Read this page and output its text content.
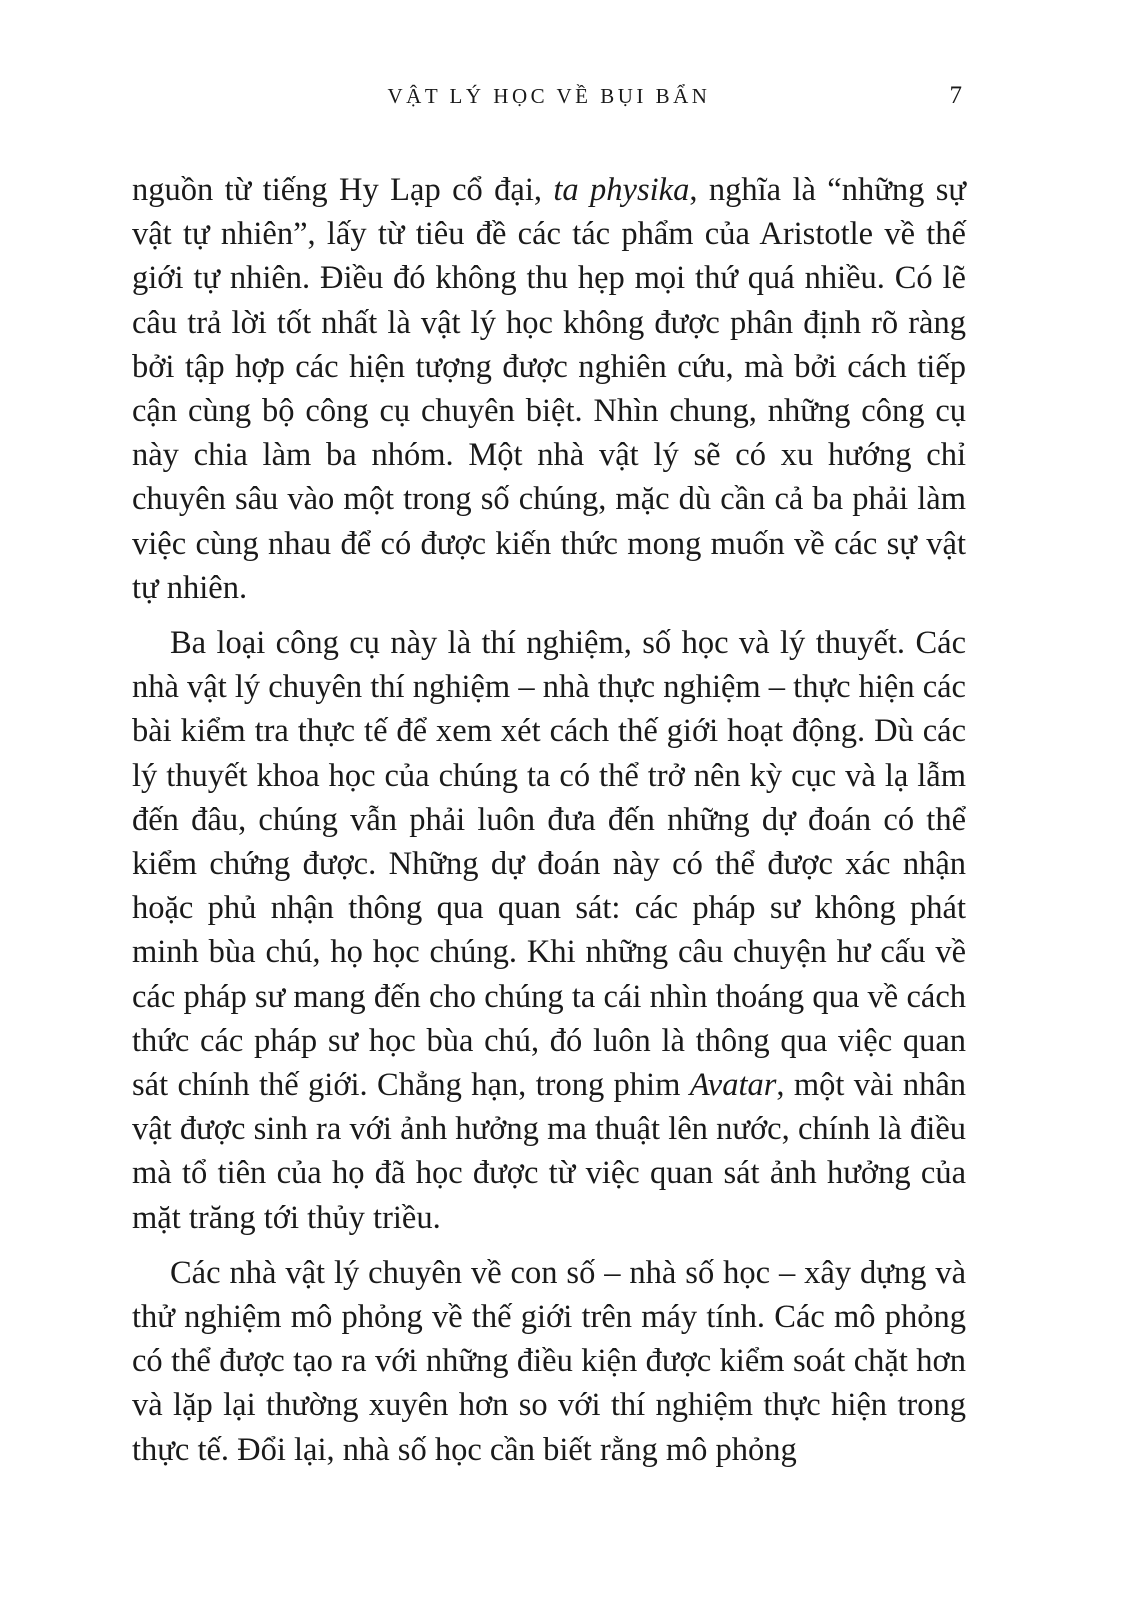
VẬT LÝ HỌC VỀ BỤI BẨN	7

nguồn từ tiếng Hy Lạp cổ đại, ta physika, nghĩa là “những sự vật tự nhiên”, lấy từ tiêu đề các tác phẩm của Aristotle về thế giới tự nhiên. Điều đó không thu hẹp mọi thứ quá nhiều. Có lẽ câu trả lời tốt nhất là vật lý học không được phân định rõ ràng bởi tập hợp các hiện tượng được nghiên cứu, mà bởi cách tiếp cận cùng bộ công cụ chuyên biệt. Nhìn chung, những công cụ này chia làm ba nhóm. Một nhà vật lý sẽ có xu hướng chỉ chuyên sâu vào một trong số chúng, mặc dù cần cả ba phải làm việc cùng nhau để có được kiến thức mong muốn về các sự vật tự nhiên.

Ba loại công cụ này là thí nghiệm, số học và lý thuyết. Các nhà vật lý chuyên thí nghiệm – nhà thực nghiệm – thực hiện các bài kiểm tra thực tế để xem xét cách thế giới hoạt động. Dù các lý thuyết khoa học của chúng ta có thể trở nên kỳ cục và lạ lẫm đến đâu, chúng vẫn phải luôn đưa đến những dự đoán có thể kiểm chứng được. Những dự đoán này có thể được xác nhận hoặc phủ nhận thông qua quan sát: các pháp sư không phát minh bùa chú, họ học chúng. Khi những câu chuyện hư cấu về các pháp sư mang đến cho chúng ta cái nhìn thoáng qua về cách thức các pháp sư học bùa chú, đó luôn là thông qua việc quan sát chính thế giới. Chẳng hạn, trong phim Avatar, một vài nhân vật được sinh ra với ảnh hưởng ma thuật lên nước, chính là điều mà tổ tiên của họ đã học được từ việc quan sát ảnh hưởng của mặt trăng tới thủy triều.

Các nhà vật lý chuyên về con số – nhà số học – xây dựng và thử nghiệm mô phỏng về thế giới trên máy tính. Các mô phỏng có thể được tạo ra với những điều kiện được kiểm soát chặt hơn và lặp lại thường xuyên hơn so với thí nghiệm thực hiện trong thực tế. Đổi lại, nhà số học cần biết rằng mô phỏng
